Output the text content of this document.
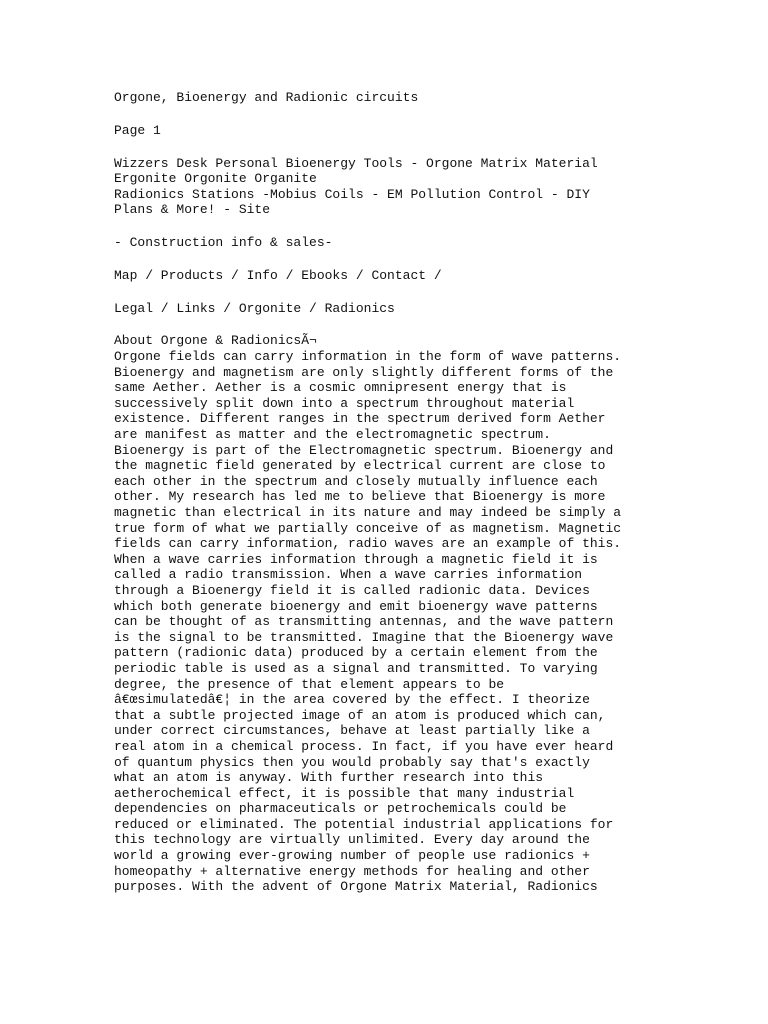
Orgone, Bioenergy and Radionic circuits
Page 1
Wizzers Desk Personal Bioenergy Tools - Orgone Matrix Material
Ergonite Orgonite Organite
Radionics Stations -Mobius Coils - EM Pollution Control - DIY
Plans & More! - Site
- Construction info & sales-
Map / Products / Info / Ebooks / Contact /
Legal / Links / Orgonite / Radionics
About Orgone & RadionicsÃ¬
Orgone fields can carry information in the form of wave patterns.
Bioenergy and magnetism are only slightly different forms of the
same Aether. Aether is a cosmic omnipresent energy that is
successively split down into a spectrum throughout material
existence. Different ranges in the spectrum derived form Aether
are manifest as matter and the electromagnetic spectrum.
Bioenergy is part of the Electromagnetic spectrum. Bioenergy and
the magnetic field generated by electrical current are close to
each other in the spectrum and closely mutually influence each
other. My research has led me to believe that Bioenergy is more
magnetic than electrical in its nature and may indeed be simply a
true form of what we partially conceive of as magnetism. Magnetic
fields can carry information, radio waves are an example of this.
When a wave carries information through a magnetic field it is
called a radio transmission. When a wave carries information
through a Bioenergy field it is called radionic data. Devices
which both generate bioenergy and emit bioenergy wave patterns
can be thought of as transmitting antennas, and the wave pattern
is the signal to be transmitted. Imagine that the Bioenergy wave
pattern (radionic data) produced by a certain element from the
periodic table is used as a signal and transmitted. To varying
degree, the presence of that element appears to be
â€œsimulatedâ€¦ in the area covered by the effect. I theorize
that a subtle projected image of an atom is produced which can,
under correct circumstances, behave at least partially like a
real atom in a chemical process. In fact, if you have ever heard
of quantum physics then you would probably say that's exactly
what an atom is anyway. With further research into this
aetherochemical effect, it is possible that many industrial
dependencies on pharmaceuticals or petrochemicals could be
reduced or eliminated. The potential industrial applications for
this technology are virtually unlimited. Every day around the
world a growing ever-growing number of people use radionics +
homeopathy + alternative energy methods for healing and other
purposes. With the advent of Orgone Matrix Material, Radionics
